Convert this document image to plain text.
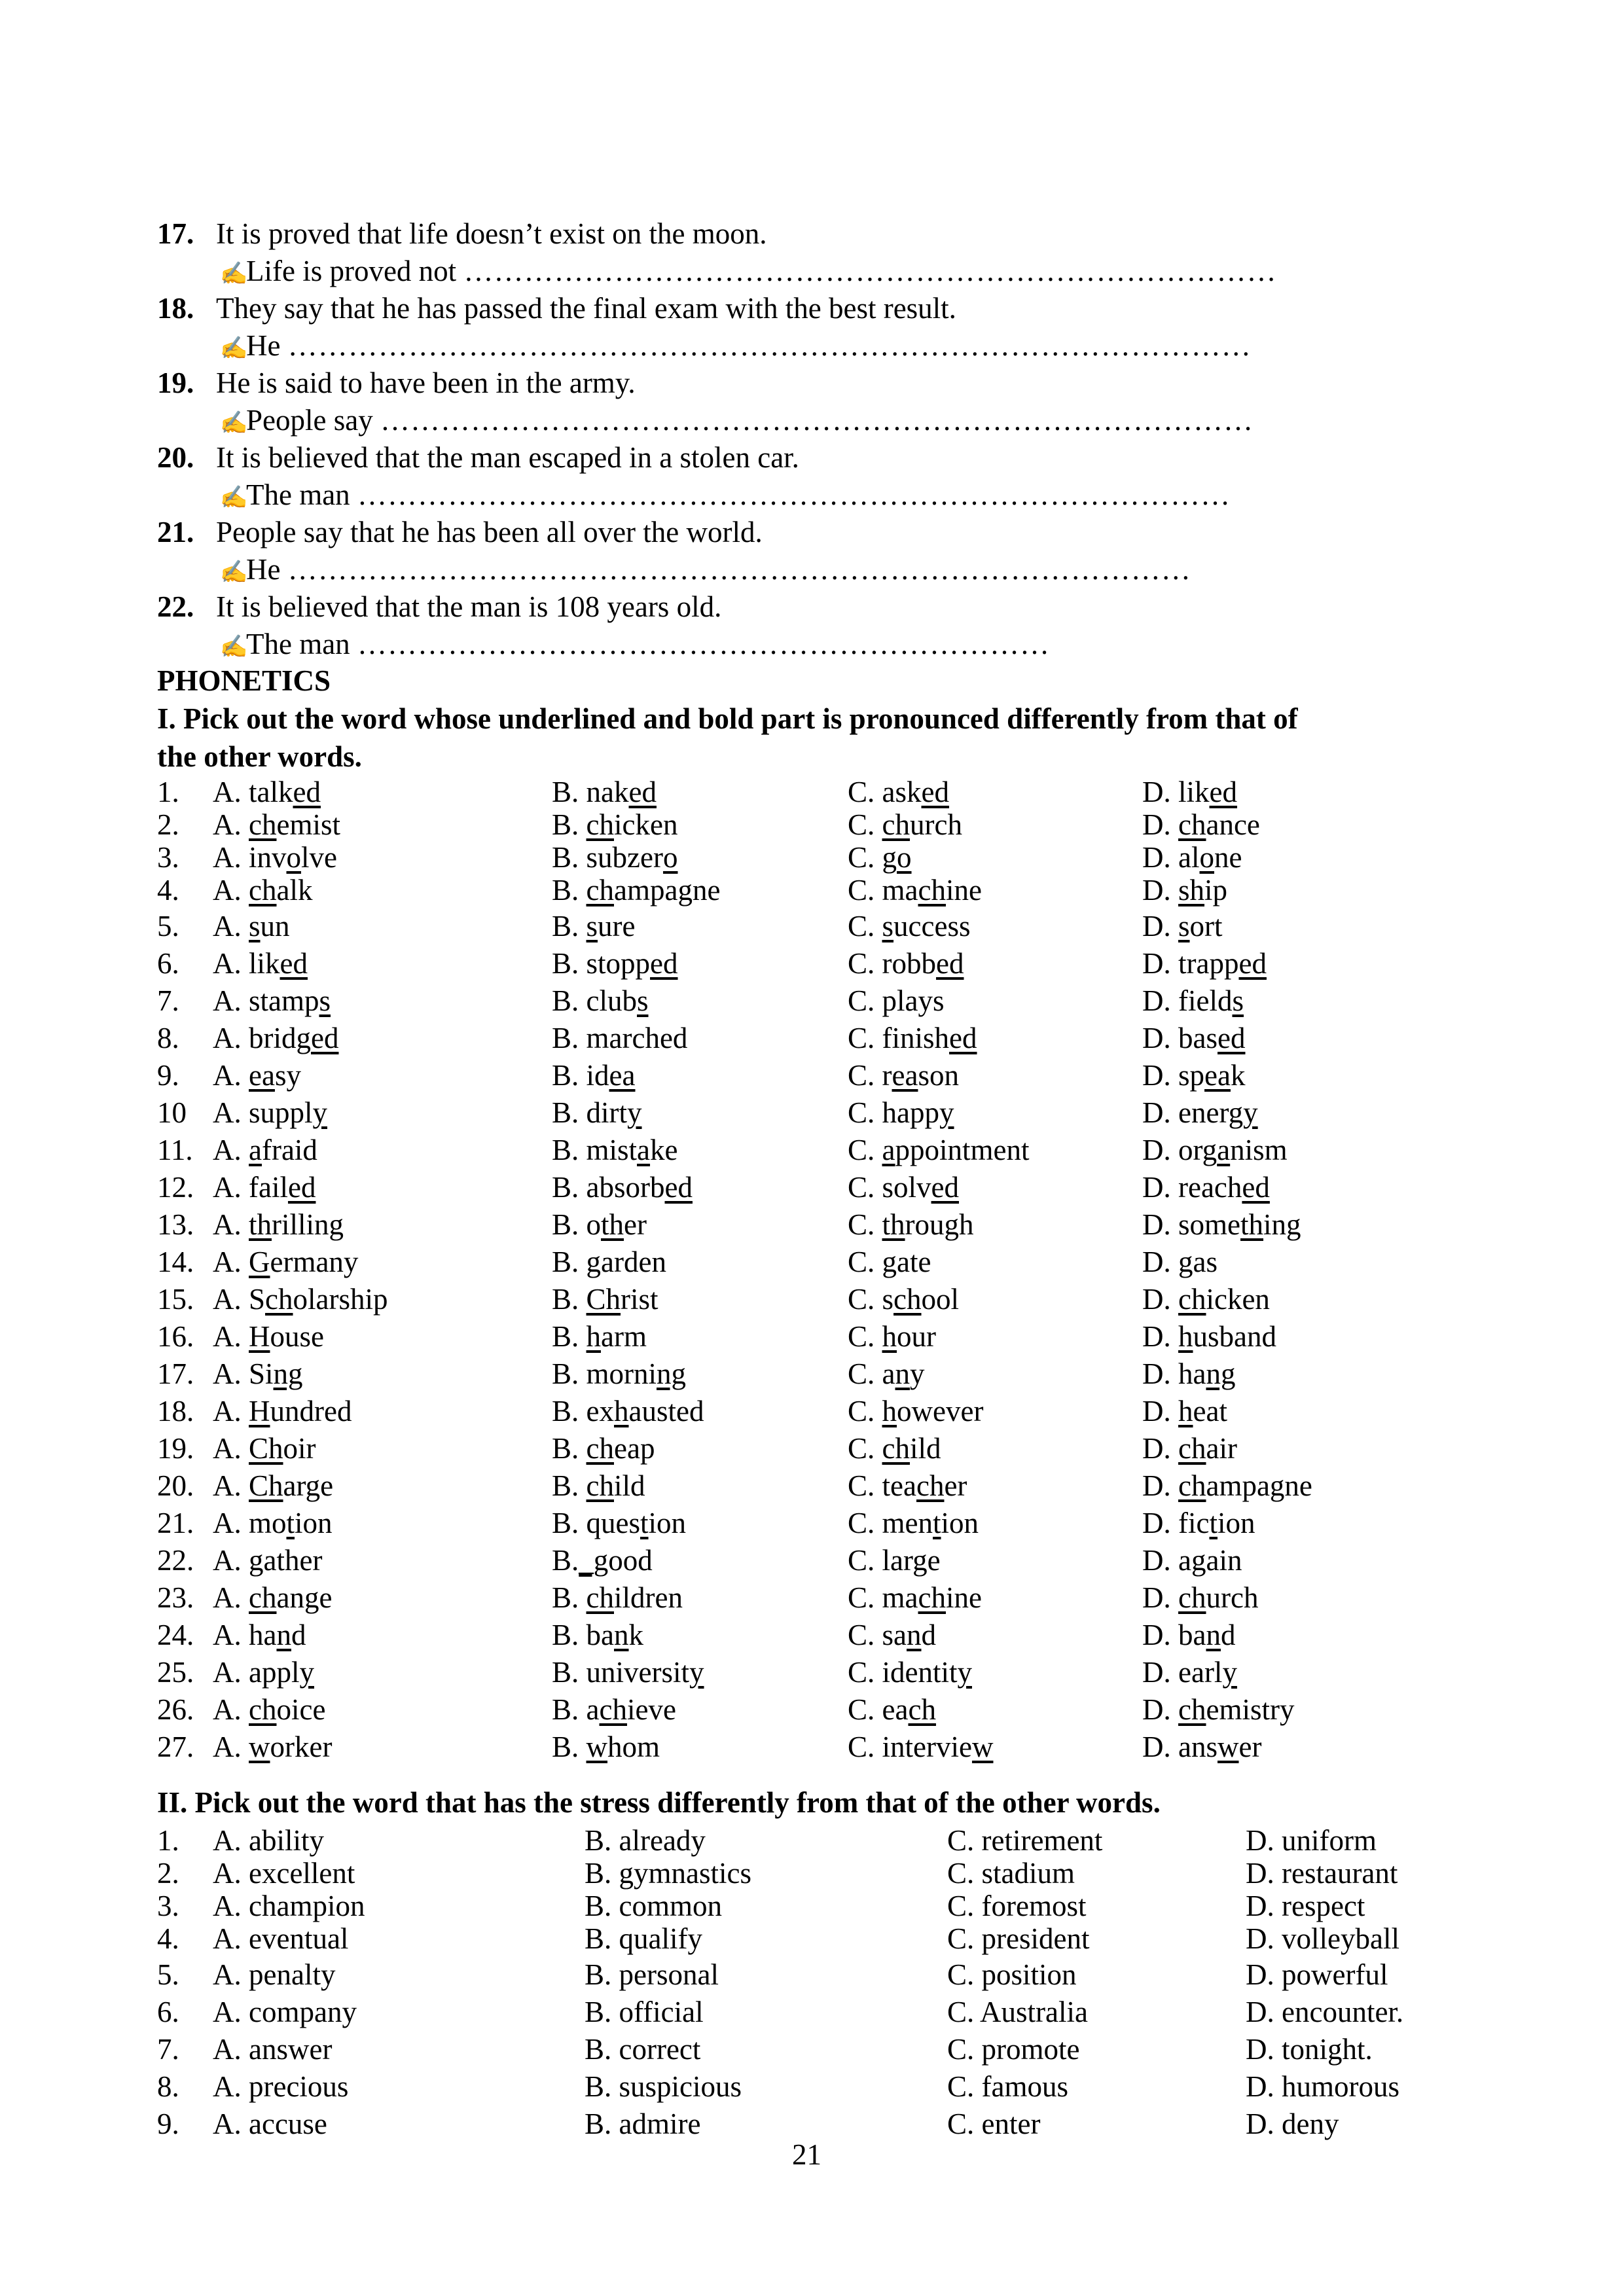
PHONETICS
I. Pick out the word whose underlined and bold part is pronounced differently from that of
the other words.
II. Pick out the word that has the stress differently from that of the other words.
21
17. It is proved that life doesn’t exist on the moon.
✍Life is proved not ………………………………………………………………………
18. They say that he has passed the final exam with the best result.
✍He ……………………………………………………………………………………
19. He is said to have been in the army.
✍People say ……………………………………………………………………………
20. It is believed that the man escaped in a stolen car.
✍The man ……………………………………………………………………………
21. People say that he has been all over the world.
✍He ………………………………………………………………………………
22. It is believed that the man is 108 years old.
✍The man ……………………………………………………………
1. A. talked	B. naked	C. asked	D. liked
2. A. chemist	B. chicken	C. church	D. chance
3. A. involve	B. subzero	C. go	D. alone
4. A. chalk	B. champagne	C. machine	D. ship
5. A. sun	B. sure	C. success	D. sort
6. A. liked	B. stopped	C. robbed	D. trapped
7. A. stamps	B. clubs	C. plays	D. fields
8. A. bridged	B. marched	C. finished	D. based
9. A. easy	B. idea	C. reason	D. speak
10 A. supply	B. dirty	C. happy	D. energy
11. A. afraid	B. mistake	C. appointment	D. organism
12. A. failed	B. absorbed	C. solved	D. reached
13. A. thrilling	B. other	C. through	D. something
14. A. Germany	B. garden	C. gate	D. gas
15. A. Scholarship	B. Christ	C. school	D. chicken
16. A. House	B. harm	C. hour	D. husband
17. A. Sing	B. morning	C. any	D. hang
18. A. Hundred	B. exhausted	C. however	D. heat
19. A. Choir	B. cheap	C. child	D. chair
20. A. Charge	B. child	C. teacher	D. champagne
21. A. motion	B. question	C. mention	D. fiction
22. A. gather	B._good	C. large	D. again
23. A. change	B. children	C. machine	D. church
24. A. hand	B. bank	C. sand	D. band
25. A. apply	B. university	C. identity	D. early
26. A. choice	B. achieve	C. each	D. chemistry
27. A. worker	B. whom	C. interview	D. answer
1. A. ability	B. already	C. retirement	D. uniform
2. A. excellent	B. gymnastics	C. stadium	D. restaurant
3. A. champion	B. common	C. foremost	D. respect
4. A. eventual	B. qualify	C. president	D. volleyball
5. A. penalty	B. personal	C. position	D. powerful
6. A. company	B. official	C. Australia	D. encounter.
7. A. answer	B. correct	C. promote	D. tonight.
8. A. precious	B. suspicious	C. famous	D. humorous
9. A. accuse	B. admire	C. enter	D. deny
